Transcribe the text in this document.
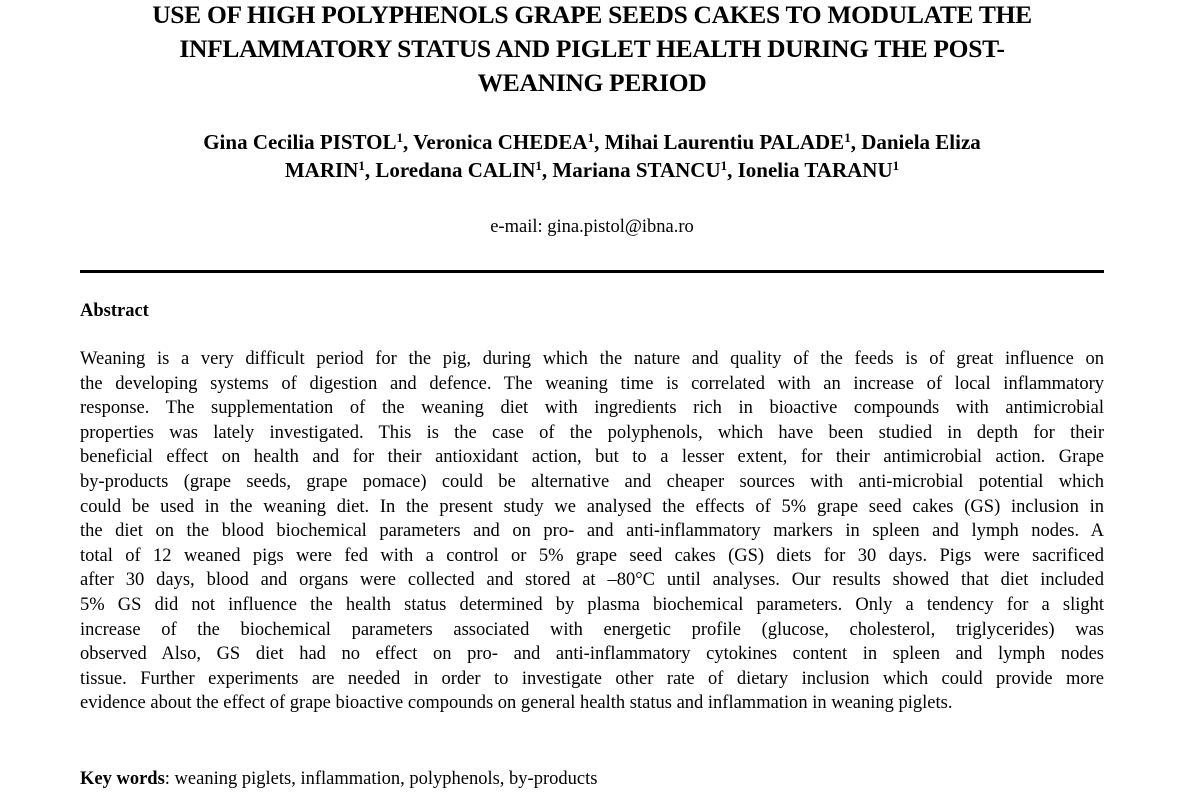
USE OF HIGH POLYPHENOLS GRAPE SEEDS CAKES TO MODULATE THE
INFLAMMATORY STATUS AND PIGLET HEALTH DURING THE POST-
WEANING PERIOD
Gina Cecilia PISTOL$^1$, Veronica CHEDEA$^1$, Mihai Laurentiu PALADE$^1$, Daniela Eliza
MARIN$^1$, Loredana CALIN$^1$, Mariana STANCU$^1$, Ionelia TARANU$^1$

e-mail: gina.pistol@ibna.ro

Abstract
Weaning is a very difficult period for the pig, during which the nature and quality of the feeds is of great influence on
the developing systems of digestion and defence. The weaning time is correlated with an increase of local inflammatory
response. The supplementation of the weaning diet with ingredients rich in bioactive compounds with antimicrobial
properties was lately investigated. This is the case of the polyphenols, which have been studied in depth for their
beneficial effect on health and for their antioxidant action, but to a lesser extent, for their antimicrobial action. Grape
by-products (grape seeds, grape pomace) could be alternative and cheaper sources with anti-microbial potential which
could be used in the weaning diet. In the present study we analysed the effects of 5% grape seed cakes (GS) inclusion in
the diet on the blood biochemical parameters and on pro- and anti-inflammatory markers in spleen and lymph nodes. A
total of 12 weaned pigs were fed with a control or 5% grape seed cakes (GS) diets for 30 days. Pigs were sacrificed
after 30 days, blood and organs were collected and stored at –80°C until analyses. Our results showed that diet included
5% GS did not influence the health status determined by plasma biochemical parameters. Only a tendency for a slight
increase of the biochemical parameters associated with energetic profile (glucose, cholesterol, triglycerides) was
observed Also, GS diet had no effect on pro- and anti-inflammatory cytokines content in spleen and lymph nodes
tissue. Further experiments are needed in order to investigate other rate of dietary inclusion which could provide more
evidence about the effect of grape bioactive compounds on general health status and inflammation in weaning piglets.

Key words: weaning piglets, inflammation, polyphenols, by-products
